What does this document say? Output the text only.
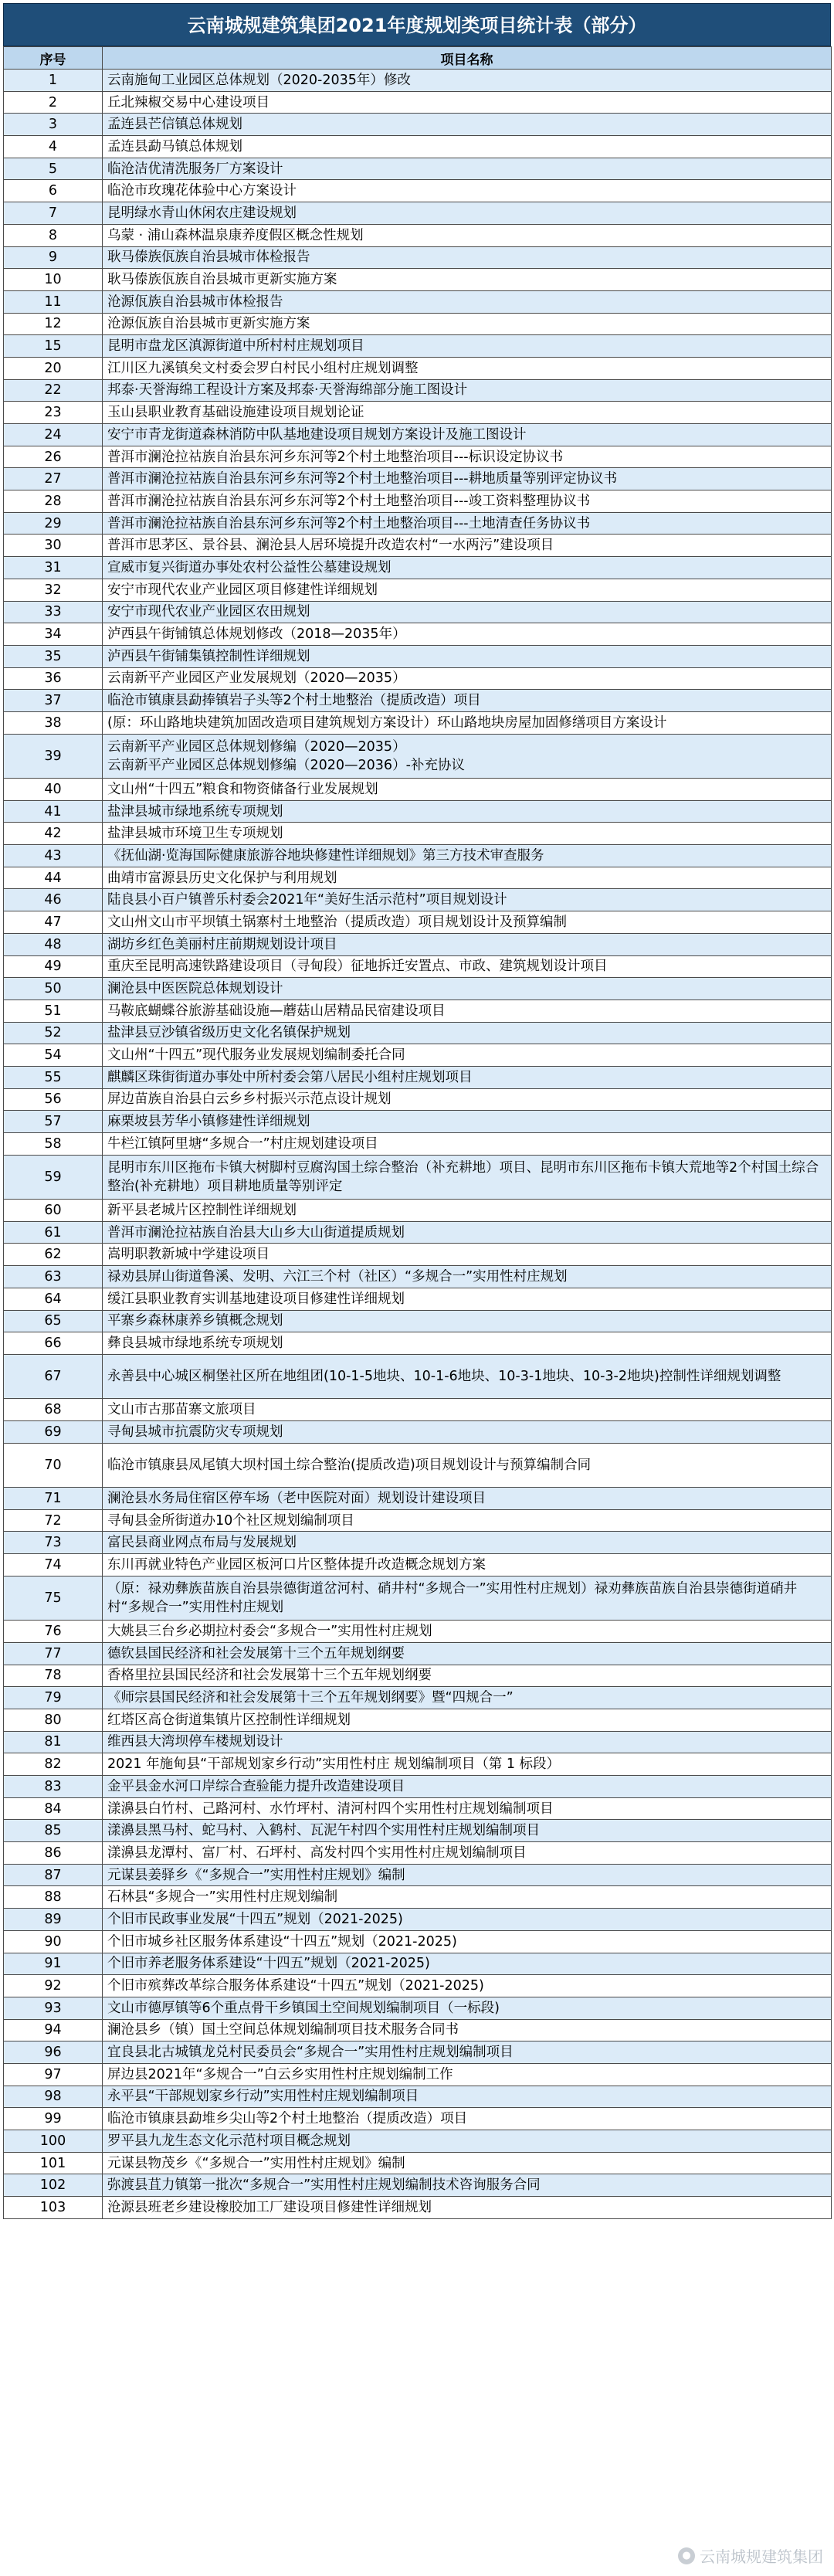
云南城规建筑集团2021年度规划类项目统计表（部分）
序号	项目名称
1	云南施甸工业园区总体规划（2020-2035年）修改
2	丘北辣椒交易中心建设项目
3	孟连县芒信镇总体规划
4	孟连县勐马镇总体规划
5	临沧洁优清洗服务厂方案设计
6	临沧市玫瑰花体验中心方案设计
7	昆明绿水青山休闲农庄建设规划
8	乌蒙 · 浦山森林温泉康养度假区概念性规划
9	耿马傣族佤族自治县城市体检报告
10	耿马傣族佤族自治县城市更新实施方案
11	沧源佤族自治县城市体检报告
12	沧源佤族自治县城市更新实施方案
15	昆明市盘龙区滇源街道中所村村庄规划项目
20	江川区九溪镇矣文村委会罗白村民小组村庄规划调整
22	邦泰·天誉海绵工程设计方案及邦泰·天誉海绵部分施工图设计
23	玉山县职业教育基础设施建设项目规划论证
24	安宁市青龙街道森林消防中队基地建设项目规划方案设计及施工图设计
26	普洱市澜沧拉祜族自治县东河乡东河等2个村土地整治项目---标识设定协议书
27	普洱市澜沧拉祜族自治县东河乡东河等2个村土地整治项目---耕地质量等别评定协议书
28	普洱市澜沧拉祜族自治县东河乡东河等2个村土地整治项目---竣工资料整理协议书
29	普洱市澜沧拉祜族自治县东河乡东河等2个村土地整治项目---土地清查任务协议书
30	普洱市思茅区、景谷县、澜沧县人居环境提升改造农村“一水两污”建设项目
31	宣威市复兴街道办事处农村公益性公墓建设规划
32	安宁市现代农业产业园区项目修建性详细规划
33	安宁市现代农业产业园区农田规划
34	泸西县午街铺镇总体规划修改（2018—2035年）
35	泸西县午街铺集镇控制性详细规划
36	云南新平产业园区产业发展规划（2020—2035）
37	临沧市镇康县勐捧镇岩子头等2个村土地整治（提质改造）项目
38	(原：环山路地块建筑加固改造项目建筑规划方案设计）环山路地块房屋加固修缮项目方案设计
39	云南新平产业园区总体规划修编（2020—2035）
云南新平产业园区总体规划修编（2020—2036）-补充协议

40	文山州“十四五”粮食和物资储备行业发展规划
41	盐津县城市绿地系统专项规划
42	盐津县城市环境卫生专项规划
43	《抚仙湖·览海国际健康旅游谷地块修建性详细规划》第三方技术审查服务
44	曲靖市富源县历史文化保护与利用规划
46	陆良县小百户镇普乐村委会2021年“美好生活示范村”项目规划设计
47	文山州文山市平坝镇土锅寨村土地整治（提质改造）项目规划设计及预算编制
48	湖坊乡红色美丽村庄前期规划设计项目
49	重庆至昆明高速铁路建设项目（寻甸段）征地拆迁安置点、市政、建筑规划设计项目
50	澜沧县中医医院总体规划设计
51	马鞍底蝴蝶谷旅游基础设施—蘑菇山居精品民宿建设项目
52	盐津县豆沙镇省级历史文化名镇保护规划
54	文山州“十四五”现代服务业发展规划编制委托合同
55	麒麟区珠街街道办事处中所村委会第八居民小组村庄规划项目
56	屏边苗族自治县白云乡乡村振兴示范点设计规划
57	麻栗坡县芳华小镇修建性详细规划
58	牛栏江镇阿里塘“多规合一”村庄规划建设项目
59	昆明市东川区拖布卡镇大树脚村豆腐沟国土综合整治（补充耕地）项目、昆明市东川区拖布卡镇大荒地等2个村国土综合整治(补充耕地）项目耕地质量等别评定
60	新平县老城片区控制性详细规划
61	普洱市澜沧拉祜族自治县大山乡大山街道提质规划
62	嵩明职教新城中学建设项目
63	禄劝县屏山街道鲁溪、发明、六江三个村（社区）“多规合一”实用性村庄规划
64	缓江县职业教育实训基地建设项目修建性详细规划
65	平寨乡森林康养乡镇概念规划
66	彝良县城市绿地系统专项规划
67	永善县中心城区桐堡社区所在地组团(10-1-5地块、10-1-6地块、10-3-1地块、10-3-2地块)控制性详细规划调整
68	文山市古那苗寨文旅项目
69	寻甸县城市抗震防灾专项规划
70	临沧市镇康县凤尾镇大坝村国土综合整治(提质改造)项目规划设计与预算编制合同
71	澜沧县水务局住宿区停车场（老中医院对面）规划设计建设项目
72	寻甸县金所街道办10个社区规划编制项目
73	富民县商业网点布局与发展规划
74	东川再就业特色产业园区板河口片区整体提升改造概念规划方案
75	（原：禄劝彝族苗族自治县崇德街道岔河村、硝井村“多规合一”实用性村庄规划）禄劝彝族苗族自治县崇德街道硝井村“多规合一”实用性村庄规划
76	大姚县三台乡必期拉村委会“多规合一”实用性村庄规划
77	德钦县国民经济和社会发展第十三个五年规划纲要
78	香格里拉县国民经济和社会发展第十三个五年规划纲要
79	《师宗县国民经济和社会发展第十三个五年规划纲要》暨“四规合一”
80	红塔区高仓街道集镇片区控制性详细规划
81	维西县大湾坝停车楼规划设计
82	2021 年施甸县“干部规划家乡行动”实用性村庄 规划编制项目（第 1 标段）
83	金平县金水河口岸综合查验能力提升改造建设项目
84	漾濞县白竹村、己路河村、水竹坪村、清河村四个实用性村庄规划编制项目
85	漾濞县黑马村、蛇马村、入鹤村、瓦泥午村四个实用性村庄规划编制项目
86	漾濞县龙潭村、富厂村、石坪村、高发村四个实用性村庄规划编制项目
87	元谋县姜驿乡《“多规合一”实用性村庄规划》编制
88	石林县“多规合一”实用性村庄规划编制
89	个旧市民政事业发展“十四五”规划（2021-2025)
90	个旧市城乡社区服务体系建设“十四五”规划（2021-2025)
91	个旧市养老服务体系建设“十四五”规划（2021-2025)
92	个旧市殡葬改革综合服务体系建设“十四五”规划（2021-2025)
93	文山市德厚镇等6个重点骨干乡镇国土空间规划编制项目（一标段)
94	澜沧县乡（镇）国土空间总体规划编制项目技术服务合同书
96	宜良县北古城镇龙兑村民委员会“多规合一”实用性村庄规划编制项目
97	屏边县2021年“多规合一”白云乡实用性村庄规划编制工作
98	永平县“干部规划家乡行动”实用性村庄规划编制项目
99	临沧市镇康县勐堆乡尖山等2个村土地整治（提质改造）项目
100	罗平县九龙生态文化示范村项目概念规划
101	元谋县物茂乡《“多规合一”实用性村庄规划》编制
102	弥渡县苴力镇第一批次“多规合一”实用性村庄规划编制技术咨询服务合同
103	沧源县班老乡建设橡胶加工厂建设项目修建性详细规划
● 云南城规建筑集团
